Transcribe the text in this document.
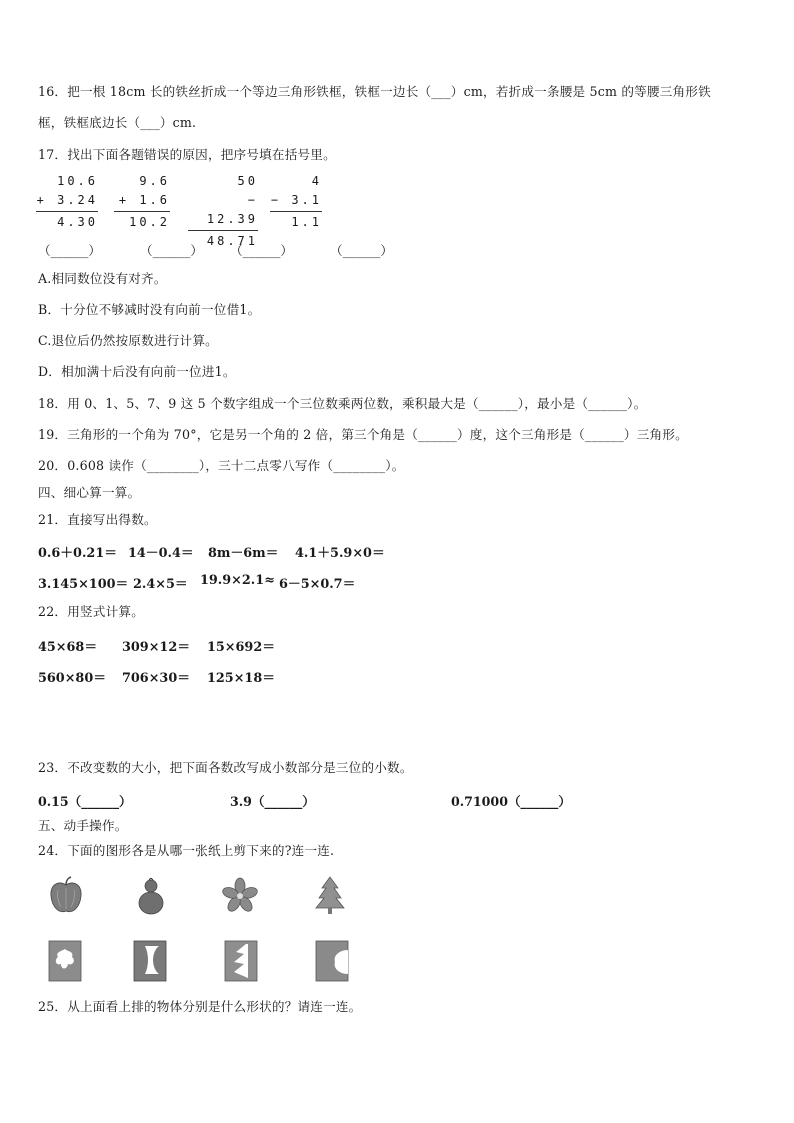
16．把一根 18cm 长的铁丝折成一个等边三角形铁框，铁框一边长（___）cm，若折成一条腰是 5cm 的等腰三角形铁
框，铁框底边长（___）cm.
17．找出下面各题错误的原因，把序号填在括号里。
10.6
+ 3.24
4.30
9.6
+ 1.6
10.2
50
− 12.39
48.71
4
− 3.1
1.1
（______）	（______） （______）	（______）
A.相同数位没有对齐。
B．十分位不够减时没有向前一位借1。
C.退位后仍然按原数进行计算。
D．相加满十后没有向前一位进1。
18．用 0、1、5、7、9 这 5 个数字组成一个三位数乘两位数，乘积最大是（______），最小是（______）。
19．三角形的一个角为 70°，它是另一个角的 2 倍，第三个角是（______）度，这个三角形是（______）三角形。
20．0.608 读作（________），三十二点零八写作（________）。
四、细心算一算。
21．直接写出得数。
0.6＋0.21＝ 14－0.4＝ 8m－6m＝ 4.1＋5.9×0＝
3.145×100＝ 2.4×5＝ 19.9×2.1≈ 6－5×0.7＝
22．用竖式计算。
45×68＝ 309×12＝ 15×692＝
560×80＝ 706×30＝ 125×18＝
23．不改变数的大小，把下面各数改写成小数部分是三位的小数。
0.15（______）	3.9（______）	0.71000（______）
五、动手操作。
24．下面的图形各是从哪一张纸上剪下来的?连一连.
25．从上面看上排的物体分别是什么形状的？请连一连。
